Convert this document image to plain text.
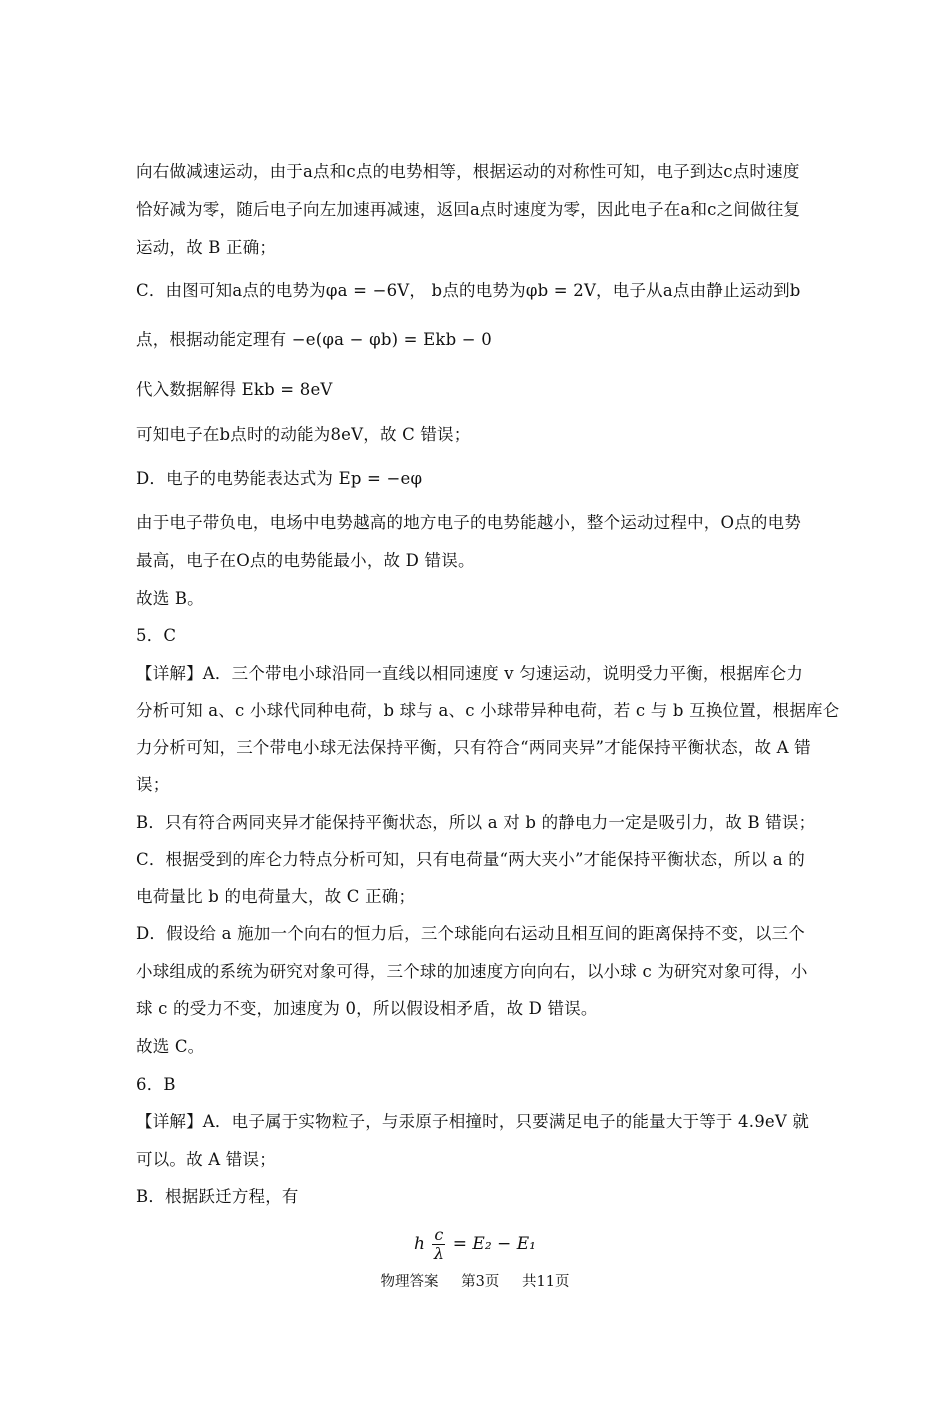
向右做减速运动，由于a点和c点的电势相等，根据运动的对称性可知，电子到达c点时速度
恰好减为零，随后电子向左加速再减速，返回a点时速度为零，因此电子在a和c之间做往复
运动，故 B 正确；
C．由图可知a点的电势为φa = −6V， b点的电势为φb = 2V，电子从a点由静止运动到b
点，根据动能定理有 −e(φa − φb) = Ekb − 0
代入数据解得 Ekb = 8eV
可知电子在b点时的动能为8eV，故 C 错误；
D．电子的电势能表达式为 Ep = −eφ
由于电子带负电，电场中电势越高的地方电子的电势能越小，整个运动过程中，O点的电势
最高，电子在O点的电势能最小，故 D 错误。
故选 B。
5．C
【详解】A．三个带电小球沿同一直线以相同速度 v 匀速运动，说明受力平衡，根据库仑力
分析可知 a、c 小球代同种电荷，b 球与 a、c 小球带异种电荷，若 c 与 b 互换位置，根据库仑
力分析可知，三个带电小球无法保持平衡，只有符合“两同夹异”才能保持平衡状态，故 A 错
误；
B．只有符合两同夹异才能保持平衡状态，所以 a 对 b 的静电力一定是吸引力，故 B 错误；
C．根据受到的库仑力特点分析可知，只有电荷量“两大夹小”才能保持平衡状态，所以 a 的
电荷量比 b 的电荷量大，故 C 正确；
D．假设给 a 施加一个向右的恒力后，三个球能向右运动且相互间的距离保持不变，以三个
小球组成的系统为研究对象可得，三个球的加速度方向向右，以小球 c 为研究对象可得，小
球 c 的受力不变，加速度为 0，所以假设相矛盾，故 D 错误。
故选 C。
6．B
【详解】A．电子属于实物粒子，与汞原子相撞时，只要满足电子的能量大于等于 4.9eV 就
可以。故 A 错误；
B．根据跃迁方程，有
h $\frac{c}{\lambda} = E_2 - E_1$
物理答案 第3页 共11页
